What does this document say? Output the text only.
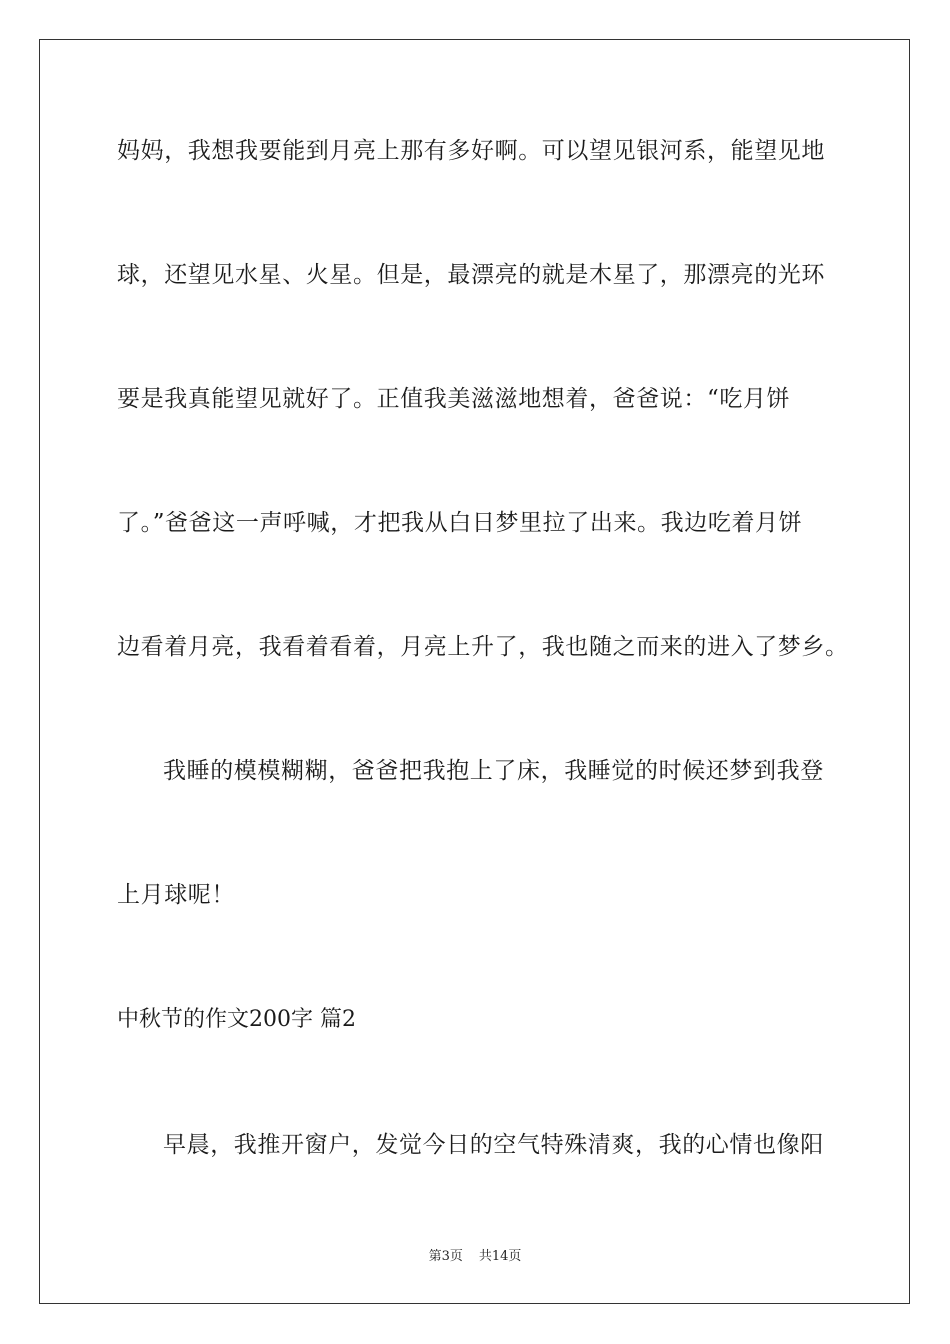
妈妈，我想我要能到月亮上那有多好啊。可以望见银河系，能望见地
球，还望见水星、火星。但是，最漂亮的就是木星了，那漂亮的光环
要是我真能望见就好了。正值我美滋滋地想着，爸爸说：“吃月饼
了。”爸爸这一声呼喊，才把我从白日梦里拉了出来。我边吃着月饼
边看着月亮，我看着看着，月亮上升了，我也随之而来的进入了梦乡。
我睡的模模糊糊，爸爸把我抱上了床，我睡觉的时候还梦到我登
上月球呢！
中秋节的作文200字 篇2
早晨，我推开窗户，发觉今日的空气特殊清爽，我的心情也像阳
第3页 共14页
